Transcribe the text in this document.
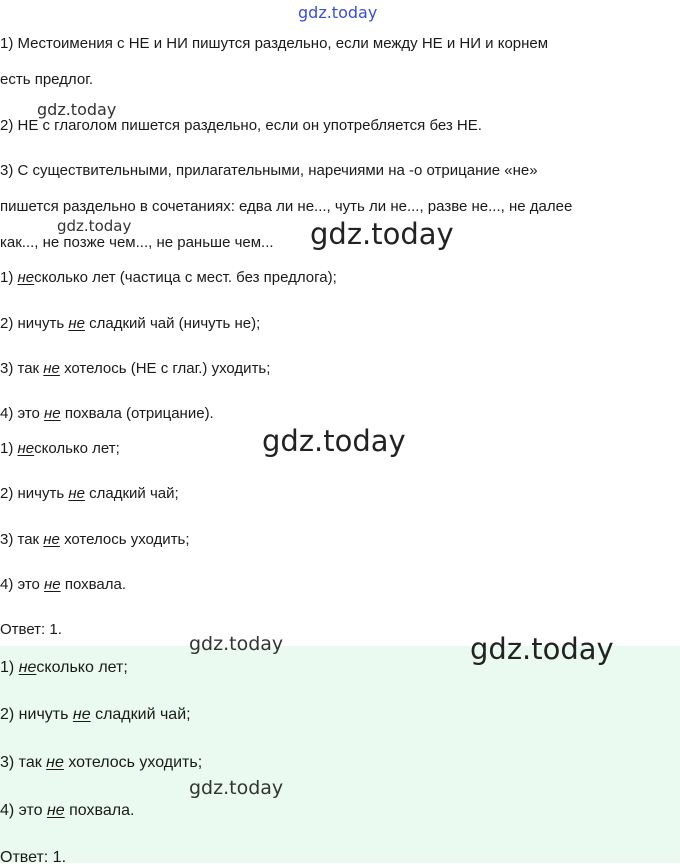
1) Местоимения с НЕ и НИ пишутся раздельно, если между НЕ и НИ и корнем
есть предлог.
2) НЕ с глаголом пишется раздельно, если он употребляется без НЕ.
3) С существительными, прилагательными, наречиями на -о отрицание «не»
пишется раздельно в сочетаниях: едва ли не..., чуть ли не..., разве не..., не далее
как..., не позже чем..., не раньше чем...
1) несколько лет (частица с мест. без предлога);
2) ничуть не сладкий чай (ничуть не);
3) так не хотелось (НЕ с глаг.) уходить;
4) это не похвала (отрицание).
1) несколько лет;
2) ничуть не сладкий чай;
3) так не хотелось уходить;
4) это не похвала.
Ответ: 1.
1) несколько лет;
2) ничуть не сладкий чай;
3) так не хотелось уходить;
4) это не похвала.
Ответ: 1.
gdz.today
gdz.today
gdz.today	gdz.today
gdz.today
gdz.today	gdz.today
gdz.today
